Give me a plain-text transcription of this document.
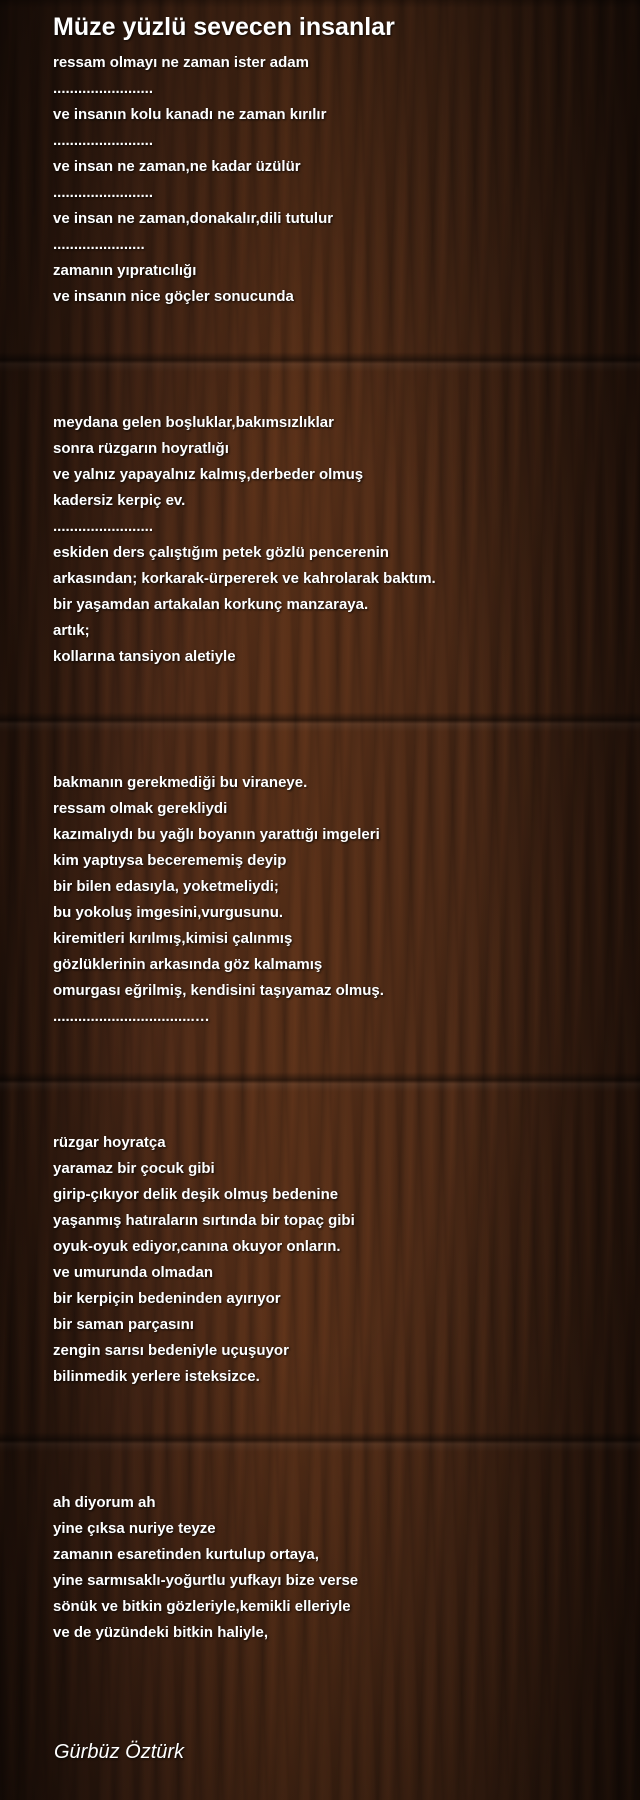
Müze yüzlü sevecen insanlar
ressam olmayı ne zaman ister adam
........................
ve insanın kolu kanadı ne zaman kırılır
........................
ve insan ne zaman,ne kadar üzülür
........................
ve insan ne zaman,donakalır,dili tutulur
......................
zamanın yıpratıcılığı
ve insanın nice göçler sonucunda
meydana gelen boşluklar,bakımsızlıklar
sonra rüzgarın hoyratlığı
ve yalnız yapayalnız kalmış,derbeder olmuş
kadersiz kerpiç ev.
........................
eskiden ders çalıştığım petek gözlü pencerenin
arkasından; korkarak-ürpererek ve kahrolarak baktım.
bir yaşamdan artakalan korkunç manzaraya.
artık;
kollarına tansiyon aletiyle
bakmanın gerekmediği bu viraneye.
ressam olmak gerekliydi
kazımalıydı bu yağlı boyanın yarattığı imgeleri
kim yaptıysa becerememiş deyip
bir bilen edasıyla, yoketmeliydi;
bu yokoluş imgesini,vurgusunu.
kiremitleri kırılmış,kimisi çalınmış
gözlüklerinin arkasında göz kalmamış
omurgası eğrilmiş, kendisini taşıyamaz olmuş.
..................................…
rüzgar hoyratça
yaramaz bir çocuk gibi
girip-çıkıyor delik deşik olmuş bedenine
yaşanmış hatıraların sırtında bir topaç gibi
oyuk-oyuk ediyor,canına okuyor onların.
ve umurunda olmadan
bir kerpiçin bedeninden ayırıyor
bir saman parçasını
zengin sarısı bedeniyle uçuşuyor
bilinmedik yerlere isteksizce.
ah diyorum ah
yine çıksa nuriye teyze
zamanın esaretinden kurtulup ortaya,
yine sarmısaklı-yoğurtlu yufkayı bize verse
sönük ve bitkin gözleriyle,kemikli elleriyle
ve de yüzündeki bitkin haliyle,
Gürbüz Öztürk
